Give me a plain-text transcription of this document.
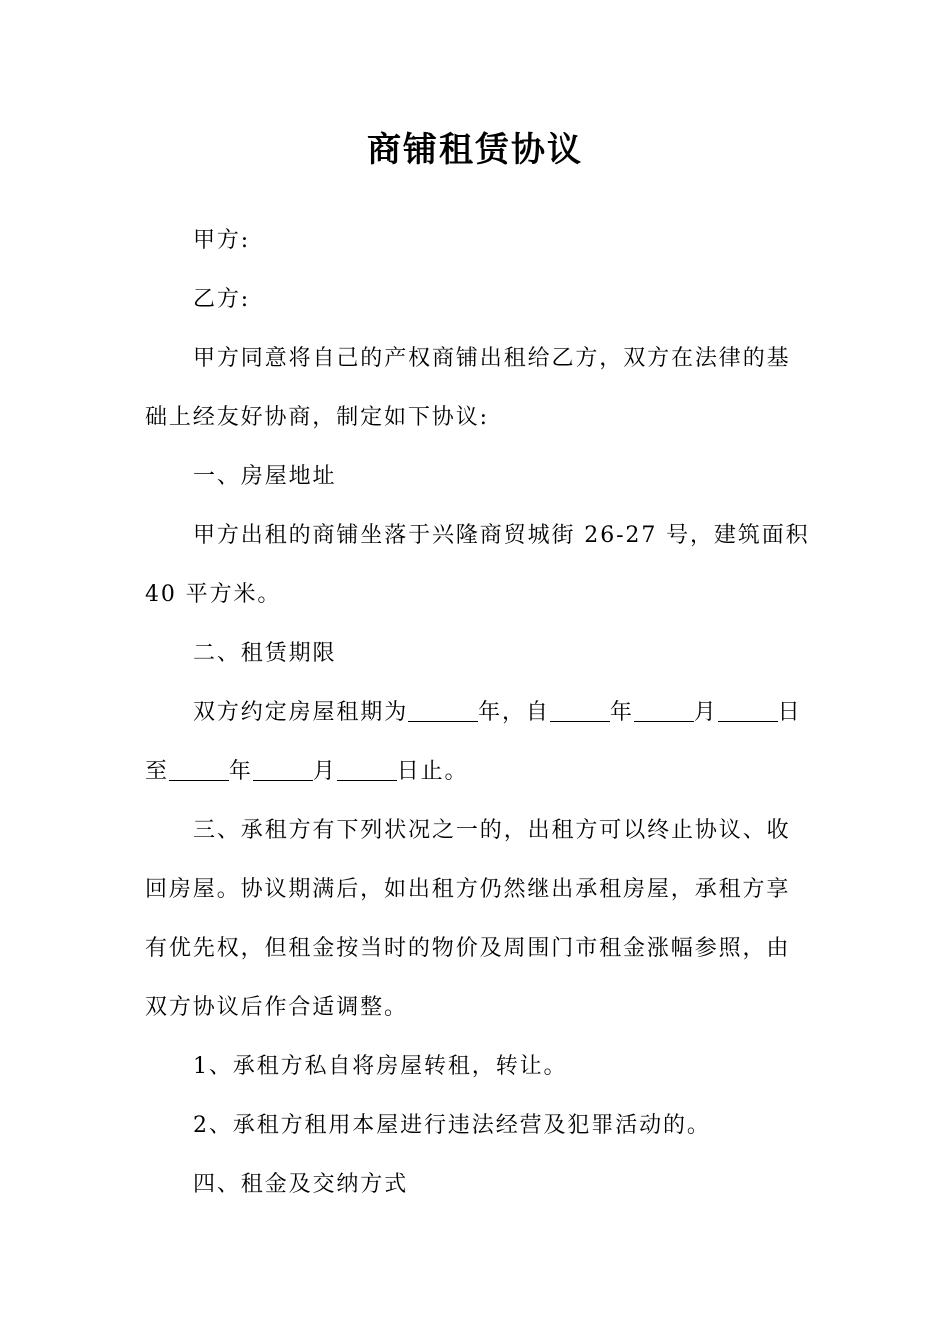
商铺租赁协议
甲方:
乙方:
甲方同意将自己的产权商铺出租给乙方，双方在法律的基
础上经友好协商，制定如下协议:
一、房屋地址
甲方出租的商铺坐落于兴隆商贸城街 26-27 号，建筑面积
40 平方米。
二、租赁期限
双方约定房屋租期为	年，自	年	月	日
至	年	月	日止。
三、承租方有下列状况之一的，出租方可以终止协议、收
回房屋。协议期满后，如出租方仍然继出承租房屋，承租方享
有优先权，但租金按当时的物价及周围门市租金涨幅参照，由
双方协议后作合适调整。
1、承租方私自将房屋转租，转让。
2、承租方租用本屋进行违法经营及犯罪活动的。
四、租金及交纳方式
